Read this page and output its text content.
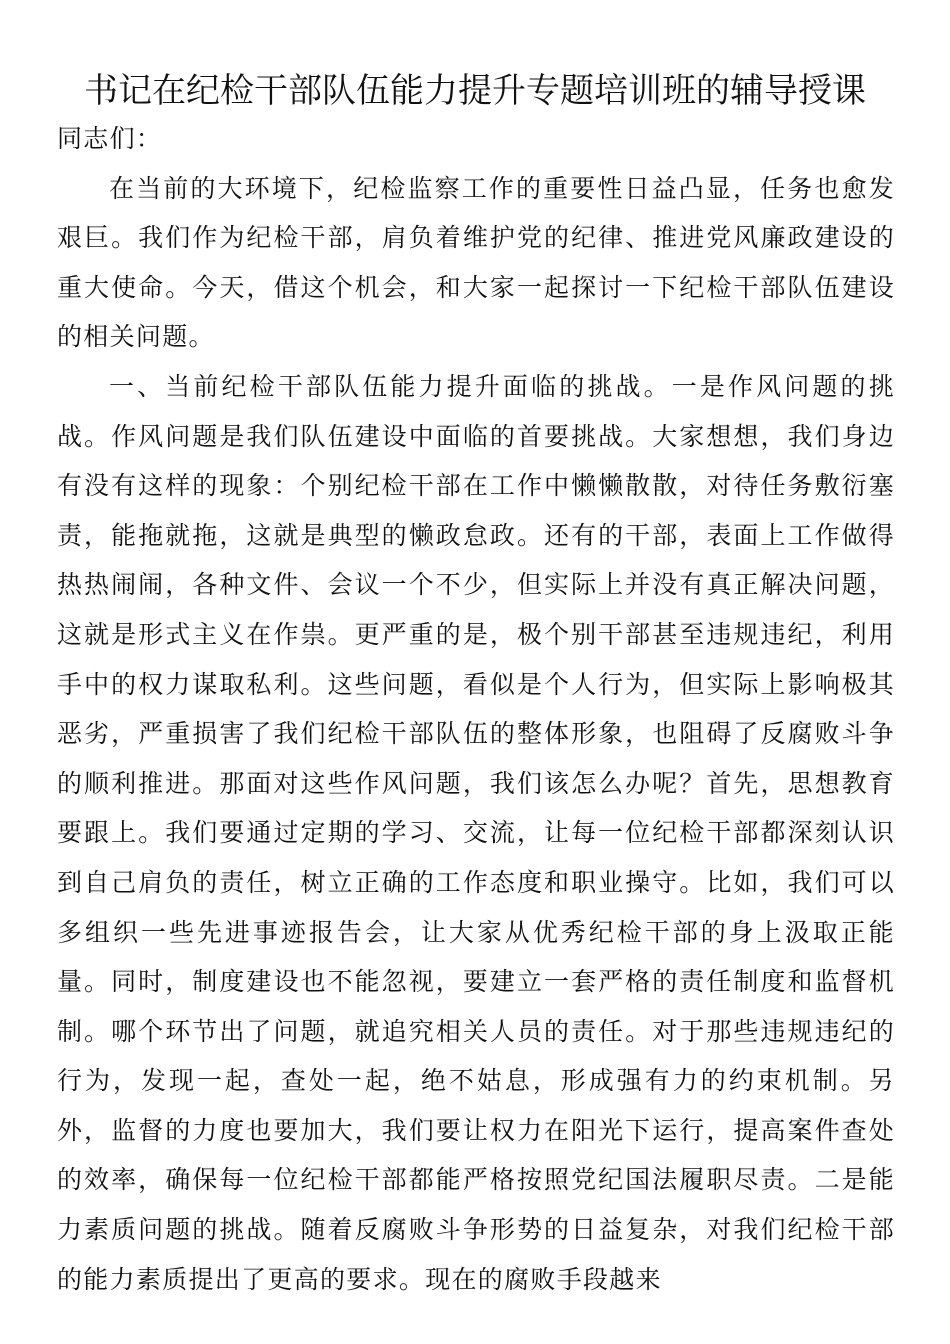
书记在纪检干部队伍能力提升专题培训班的辅导授课

同志们：

在当前的大环境下，纪检监察工作的重要性日益凸显，任务也愈发艰巨。我们作为纪检干部，肩负着维护党的纪律、推进党风廉政建设的重大使命。今天，借这个机会，和大家一起探讨一下纪检干部队伍建设的相关问题。

一、当前纪检干部队伍能力提升面临的挑战。一是作风问题的挑战。作风问题是我们队伍建设中面临的首要挑战。大家想想，我们身边有没有这样的现象：个别纪检干部在工作中懒懒散散，对待任务敷衍塞责，能拖就拖，这就是典型的懒政怠政。还有的干部，表面上工作做得热热闹闹，各种文件、会议一个不少，但实际上并没有真正解决问题，这就是形式主义在作祟。更严重的是，极个别干部甚至违规违纪，利用手中的权力谋取私利。这些问题，看似是个人行为，但实际上影响极其恶劣，严重损害了我们纪检干部队伍的整体形象，也阻碍了反腐败斗争的顺利推进。那面对这些作风问题，我们该怎么办呢？首先，思想教育要跟上。我们要通过定期的学习、交流，让每一位纪检干部都深刻认识到自己肩负的责任，树立正确的工作态度和职业操守。比如，我们可以多组织一些先进事迹报告会，让大家从优秀纪检干部的身上汲取正能量。同时，制度建设也不能忽视，要建立一套严格的责任制度和监督机制。哪个环节出了问题，就追究相关人员的责任。对于那些违规违纪的行为，发现一起，查处一起，绝不姑息，形成强有力的约束机制。另外，监督的力度也要加大，我们要让权力在阳光下运行，提高案件查处的效率，确保每一位纪检干部都能严格按照党纪国法履职尽责。二是能力素质问题的挑战。随着反腐败斗争形势的日益复杂，对我们纪检干部的能力素质提出了更高的要求。现在的腐败手段越来
